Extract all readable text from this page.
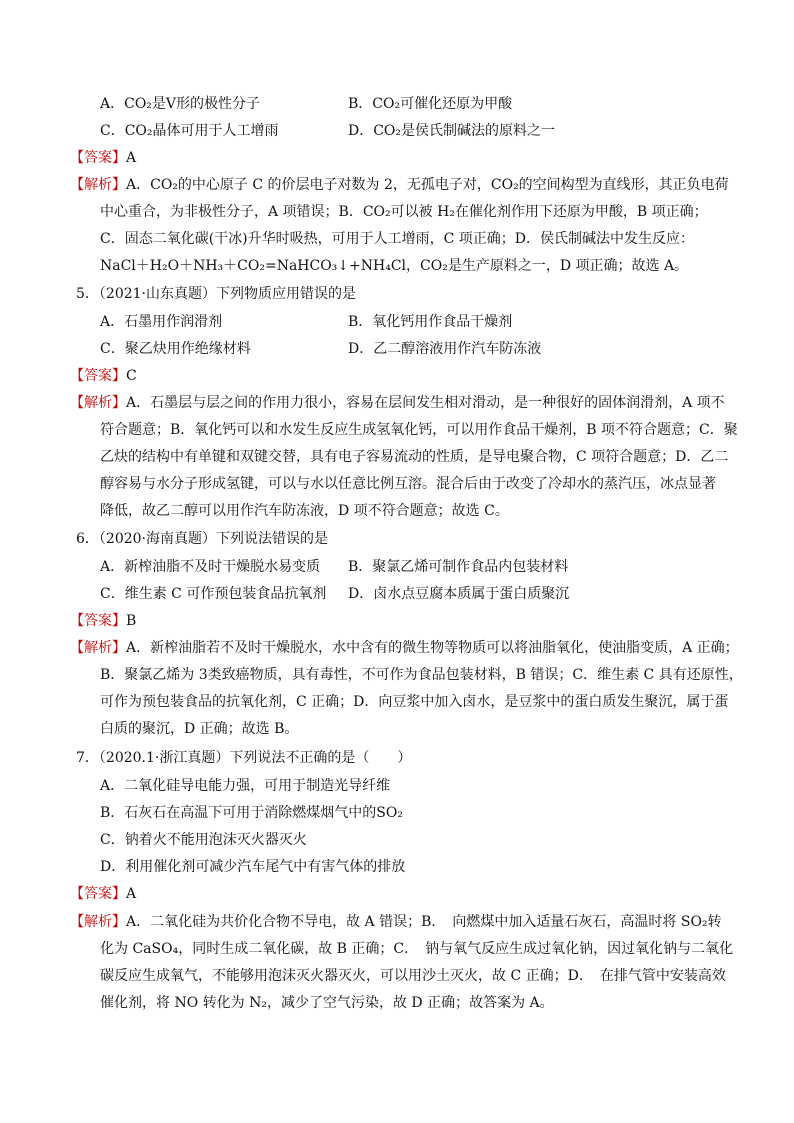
A．CO₂是V形的极性分子	B．CO₂可催化还原为甲酸
C．CO₂晶体可用于人工增雨	D．CO₂是侯氏制碱法的原料之一
【答案】A
【解析】A．CO₂的中心原子 C 的价层电子对数为 2，无孤电子对，CO₂的空间构型为直线形，其正负电荷
中心重合，为非极性分子，A 项错误；B．CO₂可以被 H₂在催化剂作用下还原为甲酸，B 项正确；
C．固态二氧化碳(干冰)升华时吸热，可用于人工增雨，C 项正确；D．侯氏制碱法中发生反应：
NaCl＋H₂O＋NH₃＋CO₂=NaHCO₃↓+NH₄Cl，CO₂是生产原料之一，D 项正确；故选 A。
5．（2021·山东真题）下列物质应用错误的是
A．石墨用作润滑剂	B．氧化钙用作食品干燥剂
C．聚乙炔用作绝缘材料	D．乙二醇溶液用作汽车防冻液
【答案】C
【解析】A．石墨层与层之间的作用力很小，容易在层间发生相对滑动，是一种很好的固体润滑剂，A 项不
符合题意；B．氧化钙可以和水发生反应生成氢氧化钙，可以用作食品干燥剂，B 项不符合题意；C．聚
乙炔的结构中有单键和双键交替，具有电子容易流动的性质，是导电聚合物，C 项符合题意；D．乙二
醇容易与水分子形成氢键，可以与水以任意比例互溶。混合后由于改变了冷却水的蒸汽压，冰点显著
降低，故乙二醇可以用作汽车防冻液，D 项不符合题意；故选 C。
6．（2020·海南真题）下列说法错误的是
A．新榨油脂不及时干燥脱水易变质 B．聚氯乙烯可制作食品内包装材料
C．维生素 C 可作预包装食品抗氧剂 D．卤水点豆腐本质属于蛋白质聚沉
【答案】B
【解析】A．新榨油脂若不及时干燥脱水，水中含有的微生物等物质可以将油脂氧化，使油脂变质，A 正确；
B．聚氯乙烯为 3类致癌物质，具有毒性，不可作为食品包装材料，B 错误；C．维生素 C 具有还原性，
可作为预包装食品的抗氧化剂，C 正确；D．向豆浆中加入卤水，是豆浆中的蛋白质发生聚沉，属于蛋
白质的聚沉，D 正确；故选 B。
7．（2020.1·浙江真题）下列说法不正确的是（　　）
A．二氧化硅导电能力强，可用于制造光导纤维
B．石灰石在高温下可用于消除燃煤烟气中的SO₂
C．钠着火不能用泡沫灭火器灭火
D．利用催化剂可减少汽车尾气中有害气体的排放
【答案】A
【解析】A．二氧化硅为共价化合物不导电，故 A 错误；B．　向燃煤中加入适量石灰石，高温时将 SO₂转
化为 CaSO₄，同时生成二氧化碳，故 B 正确；C．　钠与氧气反应生成过氧化钠，因过氧化钠与二氧化
碳反应生成氧气，不能够用泡沫灭火器灭火，可以用沙土灭火，故 C 正确；D．　在排气管中安装高效
催化剂，将 NO 转化为 N₂，减少了空气污染，故 D 正确；故答案为 A。
